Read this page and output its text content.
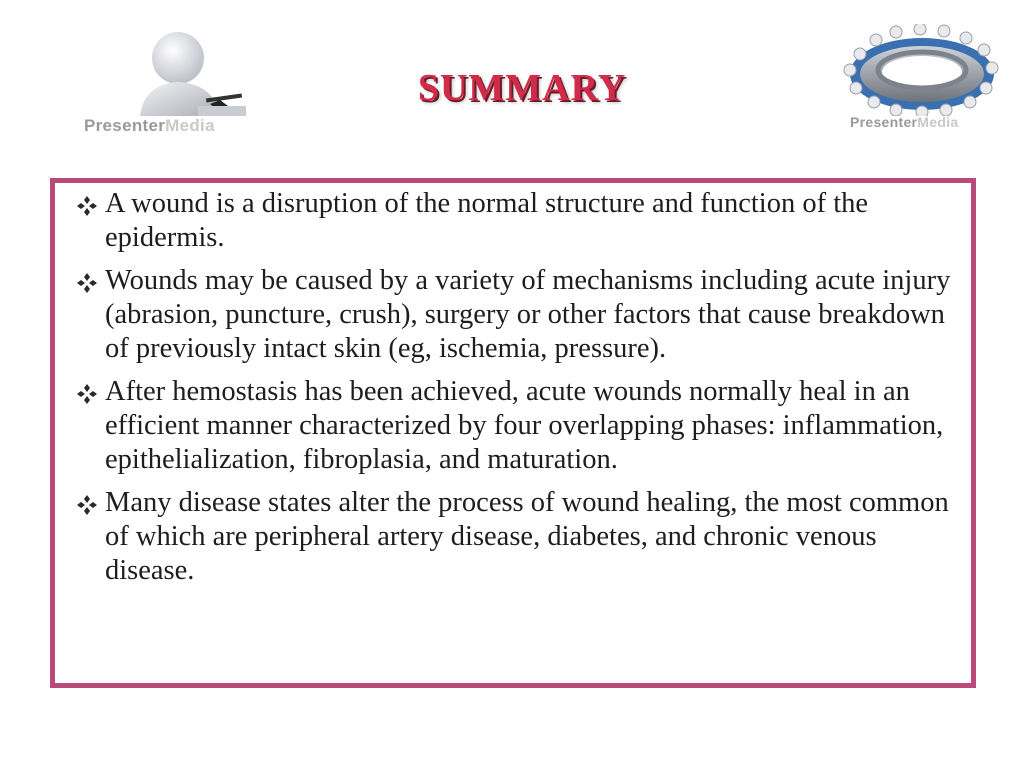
PresenterMedia
SUMMARY
PresenterMedia
A wound is a disruption of the normal structure and function of the epidermis.
Wounds may be caused by a variety of mechanisms including acute injury (abrasion, puncture, crush), surgery or other factors that cause breakdown of previously intact skin (eg, ischemia, pressure).
After hemostasis has been achieved, acute wounds normally heal in an efficient manner characterized by four overlapping phases: inflammation, epithelialization, fibroplasia, and maturation.
Many disease states alter the process of wound healing, the most common of which are peripheral artery disease, diabetes, and chronic venous disease.
